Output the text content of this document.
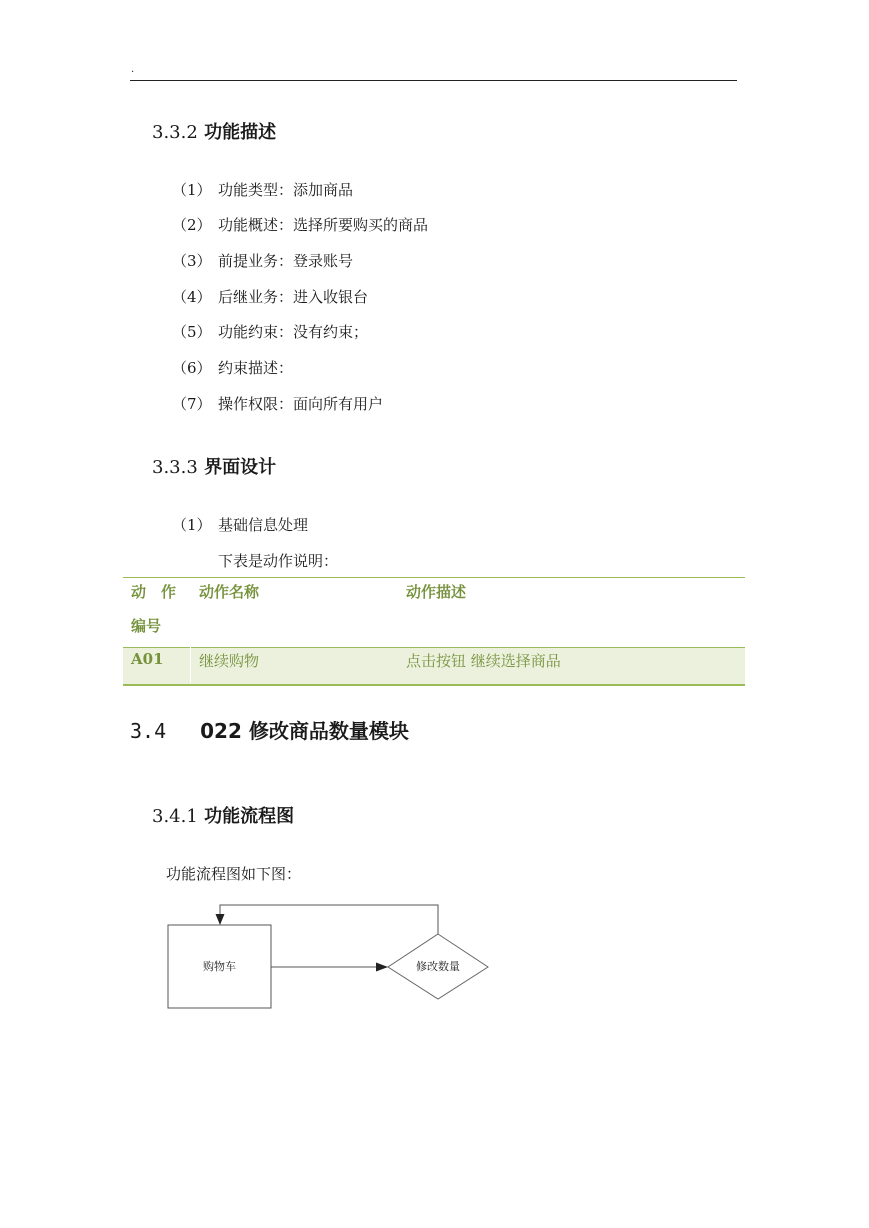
.
3.3.2 功能描述
（1） 功能类型：添加商品
（2） 功能概述：选择所要购买的商品
（3） 前提业务：登录账号
（4） 后继业务：进入收银台
（5） 功能约束：没有约束；
（6） 约束描述：
（7） 操作权限：面向所有用户
3.3.3 界面设计
（1） 基础信息处理
下表是动作说明：
动　作
编号
动作名称	动作描述
A01 继续购物	点击按钮 继续选择商品
3.4 022 修改商品数量模块
3.4.1 功能流程图
功能流程图如下图：
购物车	修改数量
